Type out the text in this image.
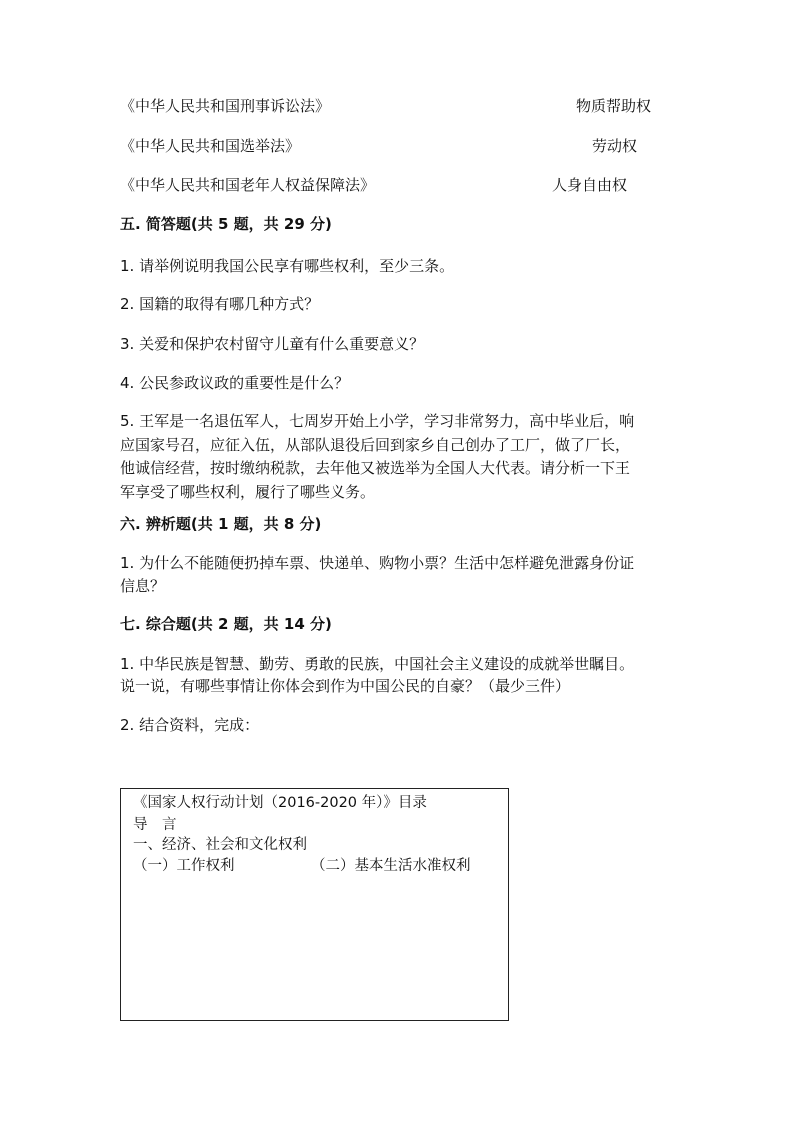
《中华人民共和国刑事诉讼法》	物质帮助权
《中华人民共和国选举法》	劳动权
《中华人民共和国老年人权益保障法》	人身自由权
五. 简答题(共 5 题，共 29 分)
1. 请举例说明我国公民享有哪些权利，至少三条。
2. 国籍的取得有哪几种方式？
3. 关爱和保护农村留守儿童有什么重要意义？
4. 公民参政议政的重要性是什么？
5. 王军是一名退伍军人，七周岁开始上小学，学习非常努力，高中毕业后，响
应国家号召，应征入伍，从部队退役后回到家乡自己创办了工厂，做了厂长，
他诚信经营，按时缴纳税款，去年他又被选举为全国人大代表。请分析一下王
军享受了哪些权利，履行了哪些义务。
六. 辨析题(共 1 题，共 8 分)
1. 为什么不能随便扔掉车票、快递单、购物小票？生活中怎样避免泄露身份证
信息？
七. 综合题(共 2 题，共 14 分)
1. 中华民族是智慧、勤劳、勇敢的民族，中国社会主义建设的成就举世瞩目。
说一说，有哪些事情让你体会到作为中国公民的自豪？（最少三件）
2. 结合资料，完成：
《国家人权行动计划（2016-2020 年）》目录
导　言
一、经济、社会和文化权利
（一）工作权利	（二）基本生活水准权利
